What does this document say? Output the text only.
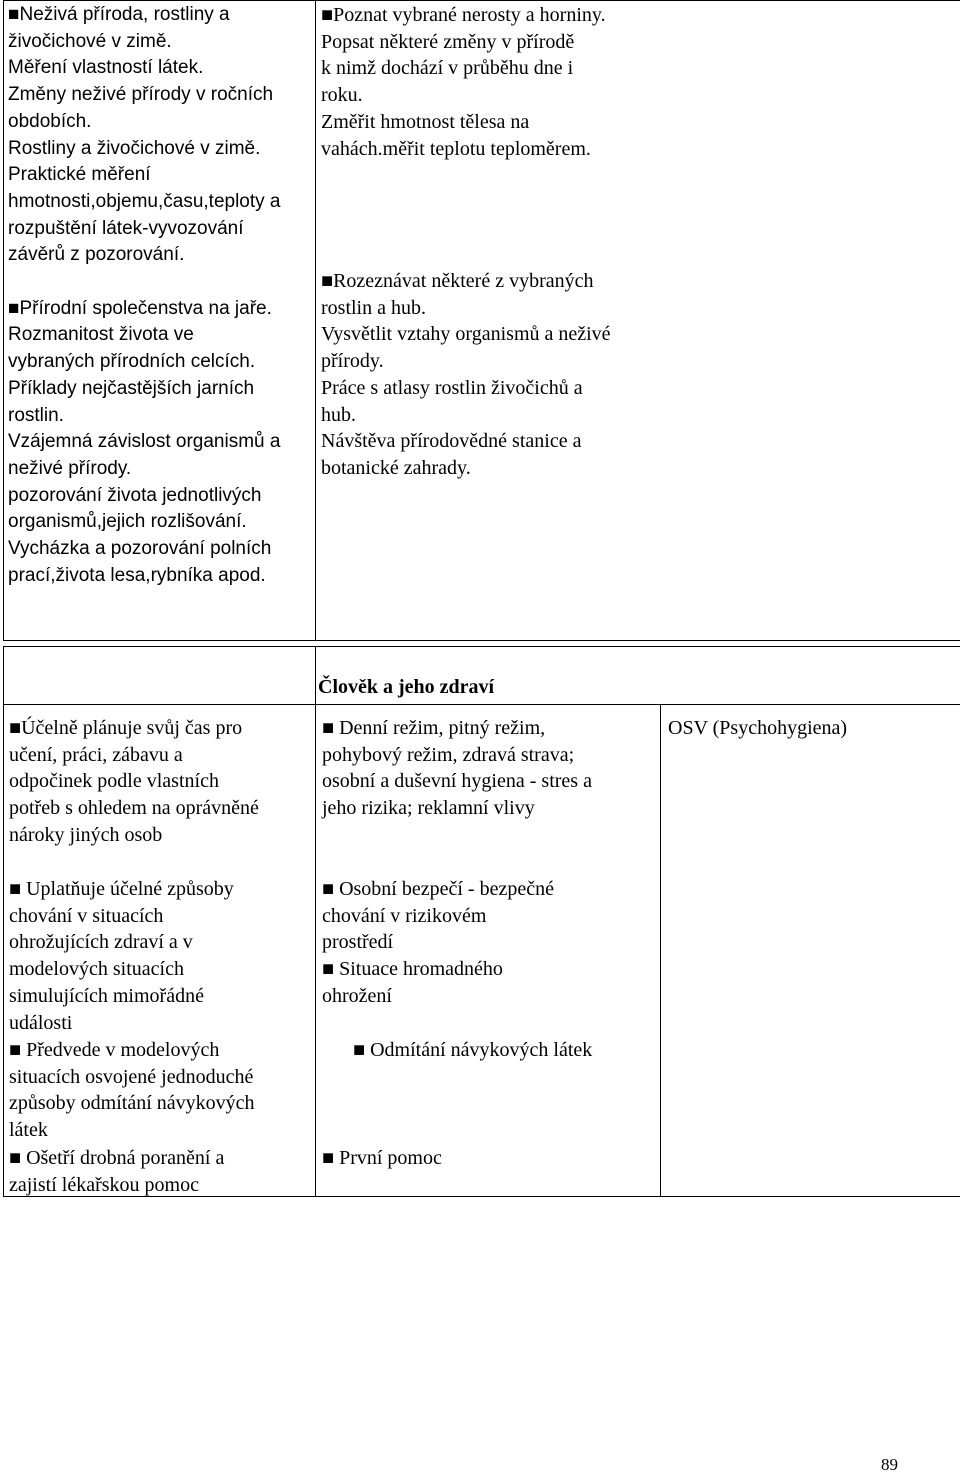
■Neživá příroda, rostliny a
živočichové v zimě.
Měření vlastností látek.
Změny neživé přírody v ročních
obdobích.
Rostliny a živočichové v zimě.
Praktické měření
hmotnosti,objemu,času,teploty a
rozpuštění látek-vyvozování
závěrů z pozorování.

■Přírodní společenstva na jaře.
Rozmanitost života ve
vybraných přírodních celcích.
Příklady nejčastějších jarních
rostlin.
Vzájemná závislost organismů a
neživé přírody.
pozorování života jednotlivých
organismů,jejich rozlišování.
Vycházka a pozorování polních
prací,života lesa,rybníka apod.
■Poznat vybrané nerosty a horniny.
Popsat některé změny v přírodě
k nimž dochází v průběhu dne i
roku.
Změřit hmotnost tělesa na
vahách.měřit teplotu teploměrem.
■Rozeznávat některé z vybraných
rostlin a hub.
Vysvětlit vztahy organismů a neživé
přírody.
Práce s atlasy rostlin živočichů a
hub.
Návštěva přírodovědné stanice a
botanické zahrady.
Člověk a jeho zdraví
■Účelně plánuje svůj čas pro
učení, práci, zábavu a
odpočinek podle vlastních
potřeb s ohledem na oprávněné
nároky jiných osob
■ Uplatňuje účelné způsoby
chování v situacích
ohrožujících zdraví a v
modelových situacích
simulujících mimořádné
události
■ Předvede v modelových
situacích osvojené jednoduché
způsoby odmítání návykových
látek
■ Ošetří drobná poranění a
zajistí lékařskou pomoc
■ Denní režim, pitný režim,
pohybový režim, zdravá strava;
osobní a duševní hygiena - stres a
jeho rizika; reklamní vlivy
■ Osobní bezpečí - bezpečné
chování v rizikovém
prostředí
■ Situace hromadného
ohrožení
■ Odmítání návykových látek
■ První pomoc
OSV (Psychohygiena)
89
